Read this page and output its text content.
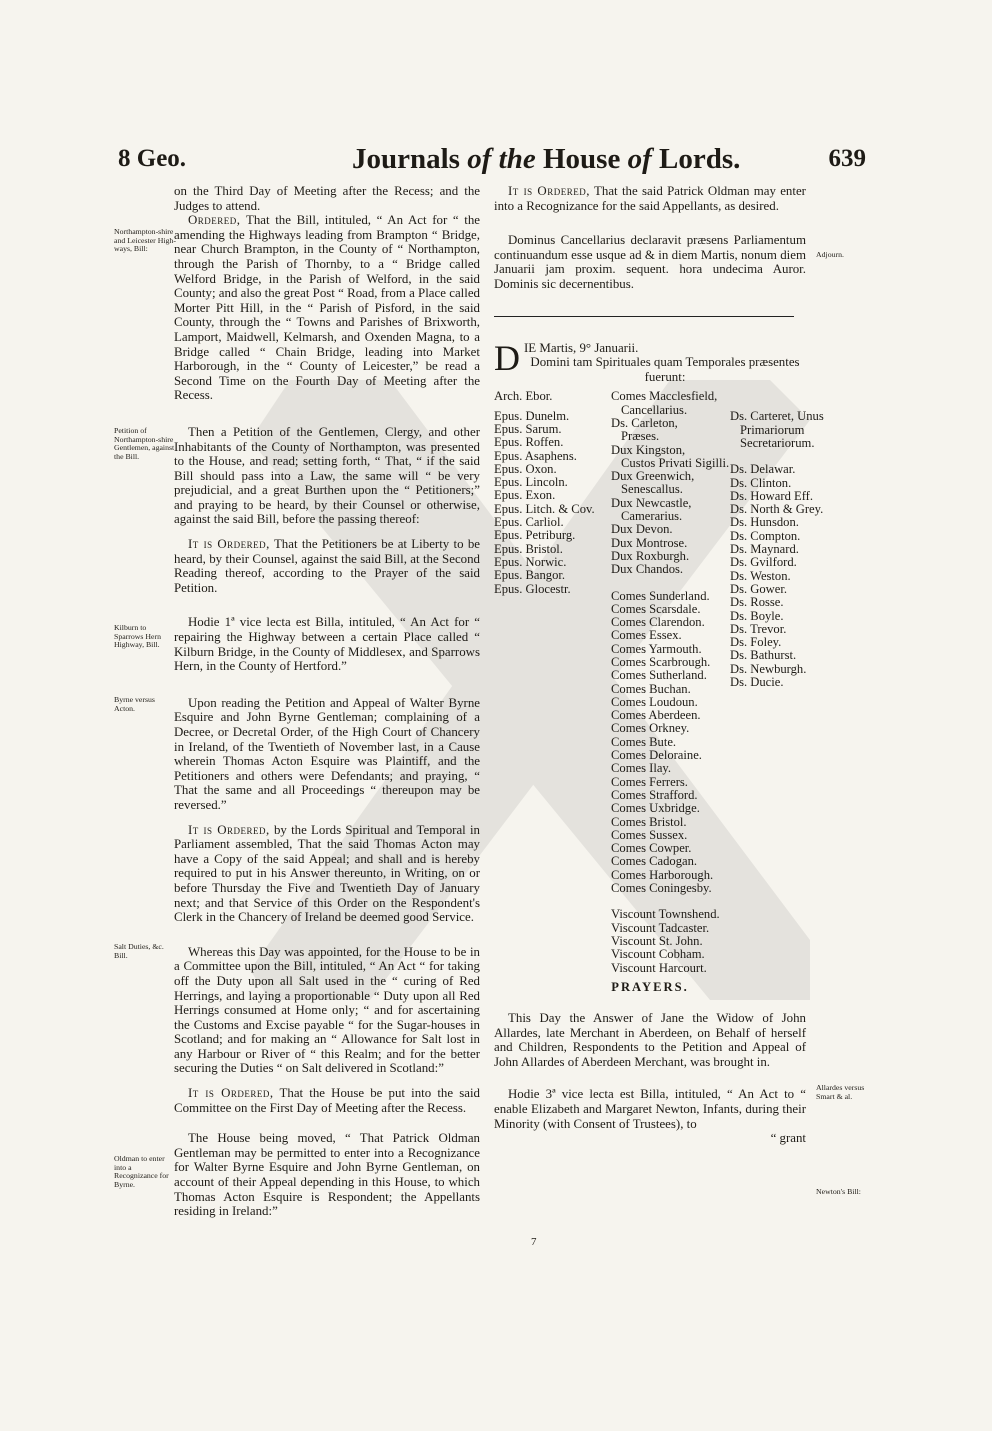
8 Geo.	Journals of the House of Lords.	639
Northampton-shire and Leicester High-ways, Bill:
Petition of Northampton-shire Gentlemen, against the Bill.
Kilburn to Sparrows Hern Highway, Bill.
Byrne versus Acton.
Salt Duties, &c. Bill.
Oldman to enter into a Recognizance for Byrne.
Adjourn.
Allardes versus Smart & al.
Newton's Bill:

on the Third Day of Meeting after the Recess; and the Judges to attend.

Ordered, That the Bill, intituled, “ An Act for “ the amending the Highways leading from Brampton “ Bridge, near Church Brampton, in the County of “ Northampton, through the Parish of Thornby, to a “ Bridge called Welford Bridge, in the Parish of Welford, in the said County; and also the great Post “ Road, from a Place called Morter Pitt Hill, in the “ Parish of Pisford, in the said County, through the “ Towns and Parishes of Brixworth, Lamport, Maidwell, Kelmarsh, and Oxenden Magna, to a Bridge called “ Chain Bridge, leading into Market Harborough, in the “ County of Leicester,” be read a Second Time on the Fourth Day of Meeting after the Recess.

Then a Petition of the Gentlemen, Clergy, and other Inhabitants of the County of Northampton, was presented to the House, and read; setting forth, “ That, “ if the said Bill should pass into a Law, the same will “ be very prejudicial, and a great Burthen upon the “ Petitioners;” and praying to be heard, by their Counsel or otherwise, against the said Bill, before the passing thereof:

It is Ordered, That the Petitioners be at Liberty to be heard, by their Counsel, against the said Bill, at the Second Reading thereof, according to the Prayer of the said Petition.

Hodie 1ª vice lecta est Billa, intituled, “ An Act for “ repairing the Highway between a certain Place called “ Kilburn Bridge, in the County of Middlesex, and Sparrows Hern, in the County of Hertford.”

Upon reading the Petition and Appeal of Walter Byrne Esquire and John Byrne Gentleman; complaining of a Decree, or Decretal Order, of the High Court of Chancery in Ireland, of the Twentieth of November last, in a Cause wherein Thomas Acton Esquire was Plaintiff, and the Petitioners and others were Defendants; and praying, “ That the same and all Proceedings “ thereupon may be reversed.”

It is Ordered, by the Lords Spiritual and Temporal in Parliament assembled, That the said Thomas Acton may have a Copy of the said Appeal; and shall and is hereby required to put in his Answer thereunto, in Writing, on or before Thursday the Five and Twentieth Day of January next; and that Service of this Order on the Respondent's Clerk in the Chancery of Ireland be deemed good Service.

Whereas this Day was appointed, for the House to be in a Committee upon the Bill, intituled, “ An Act “ for taking off the Duty upon all Salt used in the “ curing of Red Herrings, and laying a proportionable “ Duty upon all Red Herrings consumed at Home only; “ and for ascertaining the Customs and Excise payable “ for the Sugar-houses in Scotland; and for making an “ Allowance for Salt lost in any Harbour or River of “ this Realm; and for the better securing the Duties “ on Salt delivered in Scotland:”

It is Ordered, That the House be put into the said Committee on the First Day of Meeting after the Recess.

The House being moved, “ That Patrick Oldman Gentleman may be permitted to enter into a Recognizance for Walter Byrne Esquire and John Byrne Gentleman, on account of their Appeal depending in this House, to which Thomas Acton Esquire is Respondent; the Appellants residing in Ireland:”

It is Ordered, That the said Patrick Oldman may enter into a Recognizance for the said Appellants, as desired.

Dominus Cancellarius declaravit præsens Parliamentum continuandum esse usque ad & in diem Martis, nonum diem Januarii jam proxim. sequent. hora undecima Auror. Dominis sic decernentibus.

D IE Martis, 9° Januarii.

Domini tam Spirituales quam Temporales præsentes fuerunt:

Arch. Ebor.
Epus. Dunelm.
Epus. Sarum.
Epus. Roffen.
Epus. Asaphens.
Epus. Oxon.
Epus. Lincoln.
Epus. Exon.
Epus. Litch. & Cov.
Epus. Carliol.
Epus. Petriburg.
Epus. Bristol.
Epus. Norwic.
Epus. Bangor.
Epus. Glocestr.
Comes Macclesfield,
Cancellarius.
Ds. Carleton,
Præses.
Dux Kingston,
Custos Privati Sigilli.
Dux Greenwich,
Senescallus.
Dux Newcastle,
Camerarius.
Dux Devon.
Dux Montrose.
Dux Roxburgh.
Dux Chandos.
Comes Sunderland.
Comes Scarsdale.
Comes Clarendon.
Comes Essex.
Comes Yarmouth.
Comes Scarbrough.
Comes Sutherland.
Comes Buchan.
Comes Loudoun.
Comes Aberdeen.
Comes Orkney.
Comes Bute.
Comes Deloraine.
Comes Ilay.
Comes Ferrers.
Comes Strafford.
Comes Uxbridge.
Comes Bristol.
Comes Sussex.
Comes Cowper.
Comes Cadogan.
Comes Harborough.
Comes Coningesby.
Viscount Townshend.
Viscount Tadcaster.
Viscount St. John.
Viscount Cobham.
Viscount Harcourt.
Ds. Carteret, Unus
Primariorum Secretariorum.
Ds. Delawar.
Ds. Clinton.
Ds. Howard Eff.
Ds. North & Grey.
Ds. Hunsdon.
Ds. Compton.
Ds. Maynard.
Ds. Gvilford.
Ds. Weston.
Ds. Gower.
Ds. Rosse.
Ds. Boyle.
Ds. Trevor.
Ds. Foley.
Ds. Bathurst.
Ds. Newburgh.
Ds. Ducie.

PRAYERS.

This Day the Answer of Jane the Widow of John Allardes, late Merchant in Aberdeen, on Behalf of herself and Children, Respondents to the Petition and Appeal of John Allardes of Aberdeen Merchant, was brought in.

Hodie 3ª vice lecta est Billa, intituled, “ An Act to “ enable Elizabeth and Margaret Newton, Infants, during their Minority (with Consent of Trustees), to

“ grant

7
